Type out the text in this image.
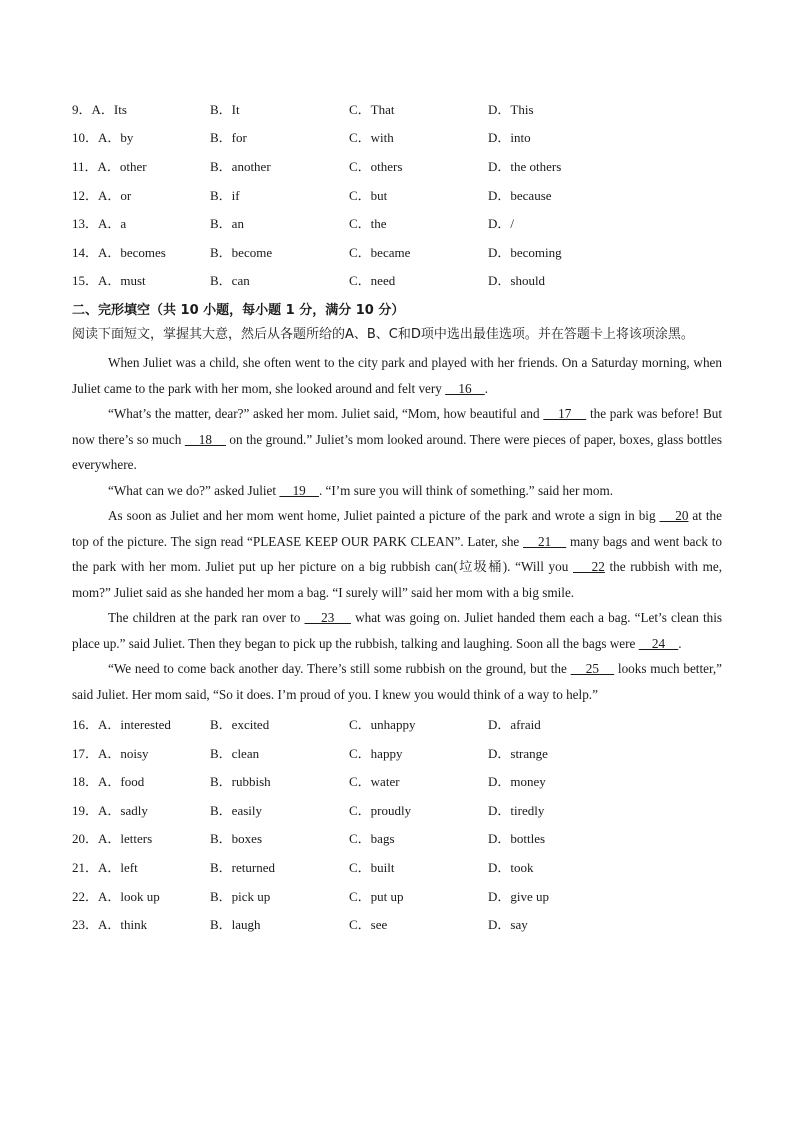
9．A．Its	B．It	C．That	D．This
10．A．by	B．for	C．with	D．into
11．A．other	B．another	C．others	D．the others
12．A．or	B．if	C．but	D．because
13．A．a	B．an	C．the	D．/
14．A．becomes	B．become	C．became	D．becoming
15．A．must	B．can	C．need	D．should
二、完形填空（共 10 小题，每小题 1 分，满分 10 分）
阅读下面短文，掌握其大意，然后从各题所给的A、B、C和D项中选出最佳选项。并在答题卡上将该项涂黑。

When Juliet was a child, she often went to the city park and played with her friends. On a Saturday morning, when Juliet came to the park with her mom, she looked around and felt very     16    .

“What’s the matter, dear?” asked her mom. Juliet said, “Mom, how beautiful and     17     the park was before! But now there’s so much     18     on the ground.” Juliet’s mom looked around. There were pieces of paper, boxes, glass bottles everywhere.

“What can we do?” asked Juliet     19    . “I’m sure you will think of something.” said her mom.

As soon as Juliet and her mom went home, Juliet painted a picture of the park and wrote a sign in big     20 at the top of the picture. The sign read “PLEASE KEEP OUR PARK CLEAN”. Later, she     21     many bags and went back to the park with her mom. Juliet put up her picture on a big rubbish can(垃圾桶). “Will you     22 the rubbish with me, mom?” Juliet said as she handed her mom a bag. “I surely will” said her mom with a big smile.

The children at the park ran over to     23     what was going on. Juliet handed them each a bag. “Let’s clean this place up.” said Juliet. Then they began to pick up the rubbish, talking and laughing. Soon all the bags were     24    .

“We need to come back another day. There’s still some rubbish on the ground, but the     25     looks much better,” said Juliet. Her mom said, “So it does. I’m proud of you. I knew you would think of a way to help.”

16．A．interested	B．excited	C．unhappy	D．afraid
17．A．noisy	B．clean	C．happy	D．strange
18．A．food	B．rubbish	C．water	D．money
19．A．sadly	B．easily	C．proudly	D．tiredly
20．A．letters	B．boxes	C．bags	D．bottles
21．A．left	B．returned	C．built	D．took
22．A．look up	B．pick up	C．put up	D．give up
23．A．think	B．laugh	C．see	D．say
